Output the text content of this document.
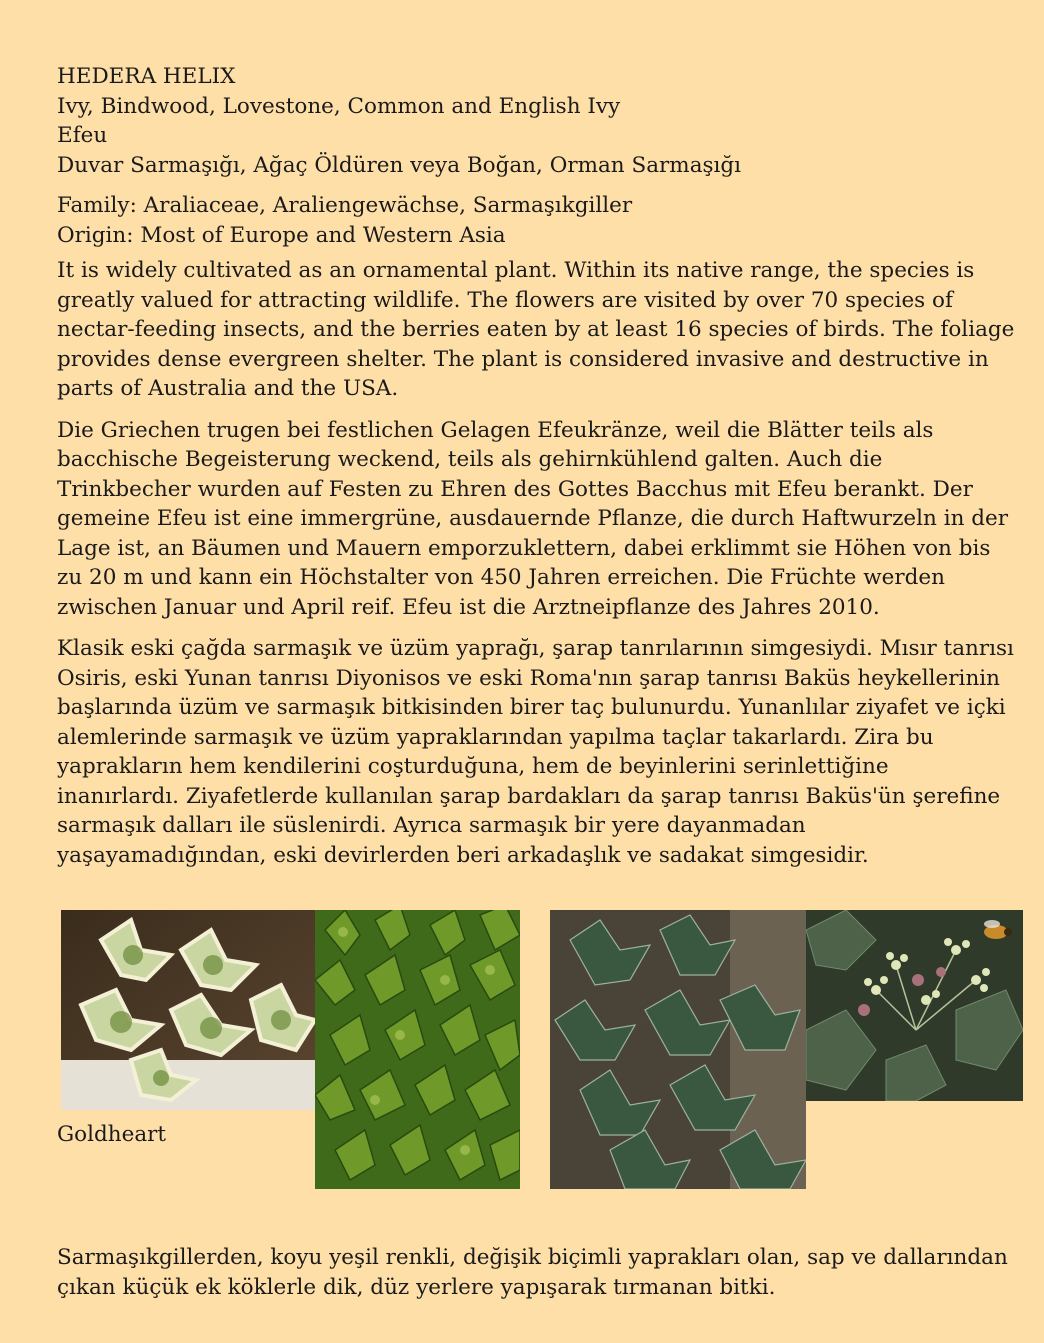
HEDERA HELIX
Ivy, Bindwood, Lovestone, Common and English Ivy
Efeu
Duvar Sarmaşığı, Ağaç Öldüren veya Boğan, Orman Sarmaşığı
Family: Araliaceae, Araliengewächse, Sarmaşıkgiller
Origin: Most of Europe and Western Asia

It is widely cultivated as an ornamental plant. Within its native range, the species is greatly valued for attracting wildlife. The flowers are visited by over 70 species of nectar-feeding insects, and the berries eaten by at least 16 species of birds. The foliage provides dense evergreen shelter. The plant is considered invasive and destructive in parts of Australia and the USA.

Die Griechen trugen bei festlichen Gelagen Efeukränze, weil die Blätter teils als bacchische Begeisterung weckend, teils als gehirnkühlend galten. Auch die Trinkbecher wurden auf Festen zu Ehren des Gottes Bacchus mit Efeu berankt. Der gemeine Efeu ist eine immergrüne, ausdauernde Pflanze, die durch Haftwurzeln in der Lage ist, an Bäumen und Mauern emporzuklettern, dabei erklimmt sie Höhen von bis zu 20 m und kann ein Höchstalter von 450 Jahren erreichen. Die Früchte werden zwischen Januar und April reif. Efeu ist die Arztneipflanze des Jahres 2010.

Klasik eski çağda sarmaşık ve üzüm yaprağı, şarap tanrılarının simgesiydi. Mısır tanrısı Osiris, eski Yunan tanrısı Diyonisos ve eski Roma'nın şarap tanrısı Baküs heykellerinin başlarında üzüm ve sarmaşık bitkisinden birer taç bulunurdu. Yunanlılar ziyafet ve içki alemlerinde sarmaşık ve üzüm yapraklarından yapılma taçlar takarlardı. Zira bu yaprakların hem kendilerini coşturduğuna, hem de beyinlerini serinlettiğine inanırlardı. Ziyafetlerde kullanılan şarap bardakları da şarap tanrısı Baküs'ün şerefine sarmaşık dalları ile süslenirdi. Ayrıca sarmaşık bir yere dayanmadan yaşayamadığından, eski devirlerden beri arkadaşlık ve sadakat simgesidir.

Goldheart

Sarmaşıkgillerden, koyu yeşil renkli, değişik biçimli yaprakları olan, sap ve dallarından çıkan küçük ek köklerle dik, düz yerlere yapışarak tırmanan bitki.
